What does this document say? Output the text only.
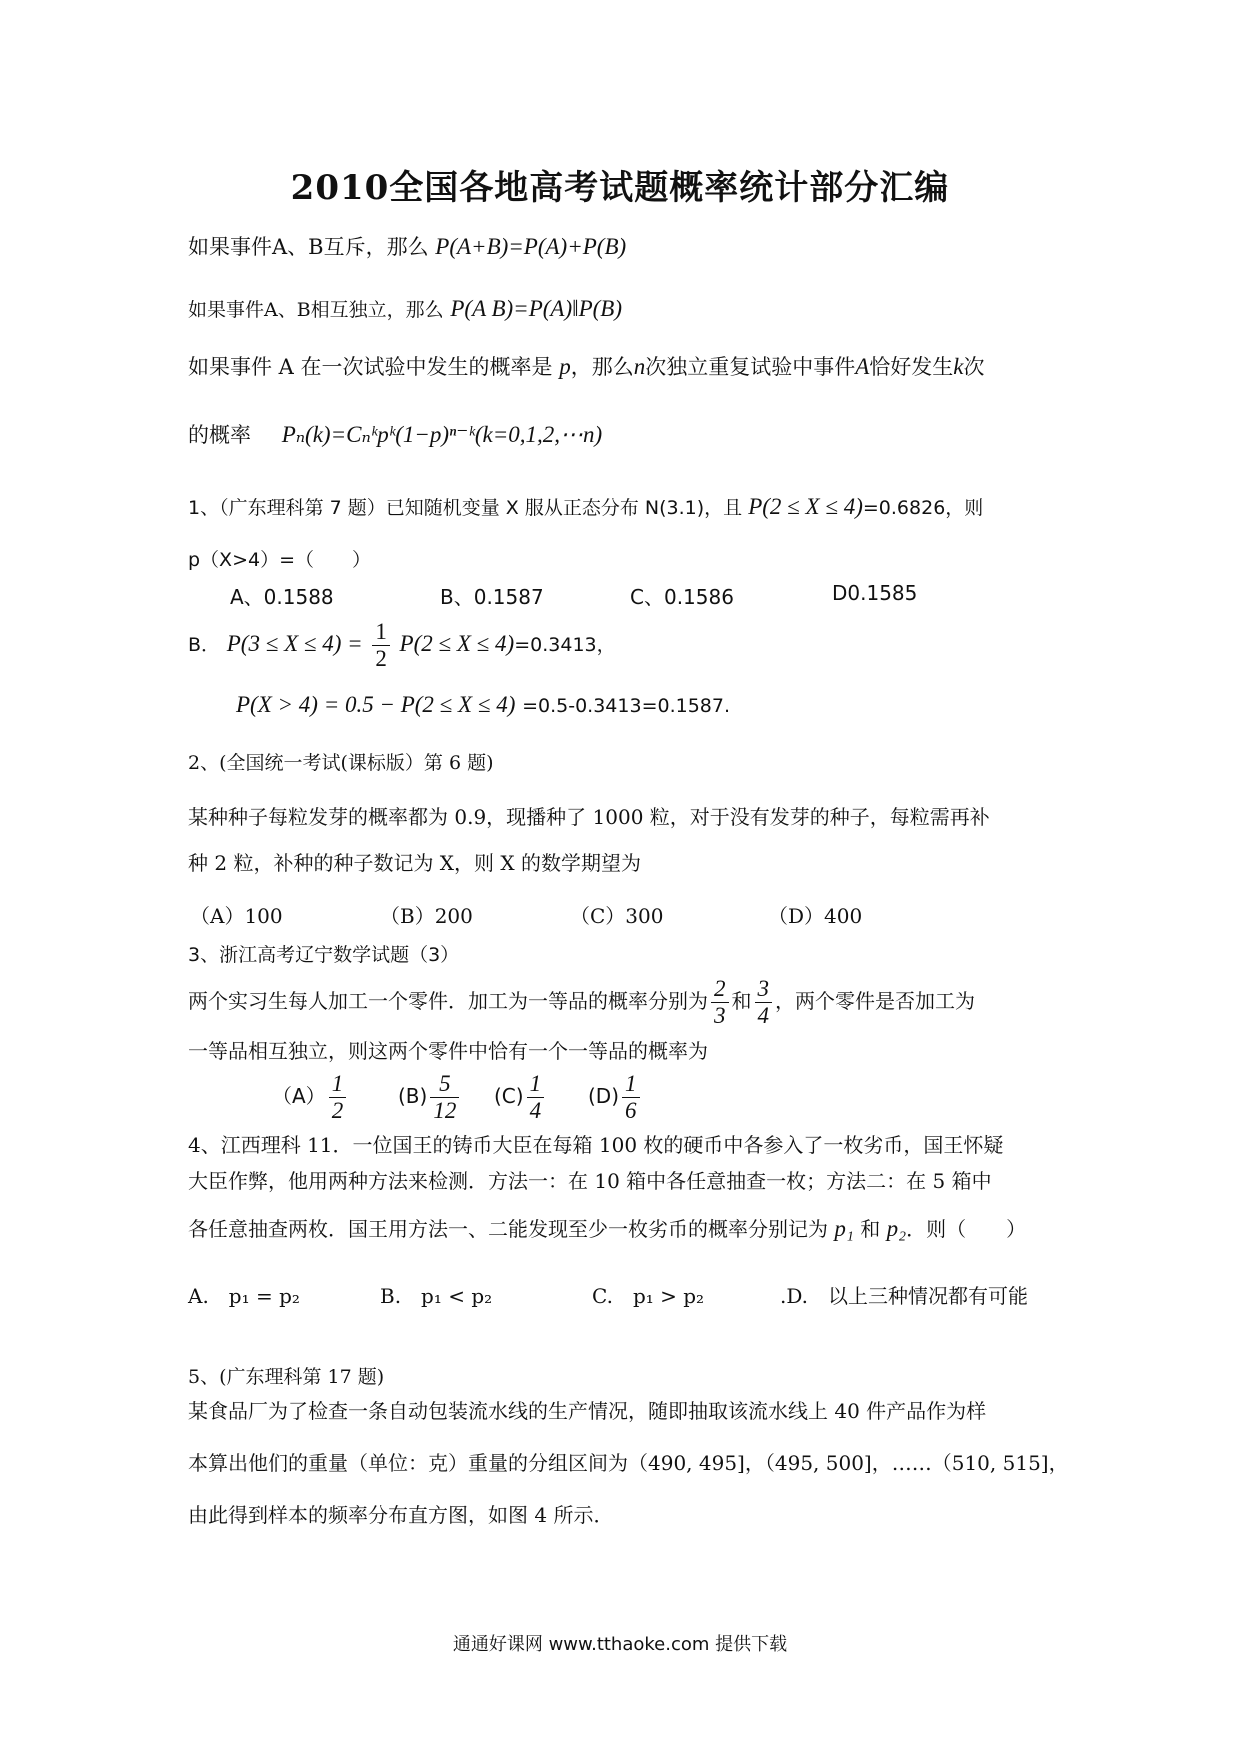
2010全国各地高考试题概率统计部分汇编
如果事件A、B互斥，那么 P(A+B)=P(A)+P(B)
如果事件A、B相互独立，那么 P(A B)=P(A)‖P(B)
如果事件 A 在一次试验中发生的概率是 p，那么n次独立重复试验中事件A恰好发生k次
的概率 Pₙ(k)=Cₙᵏpᵏ(1−p)ⁿ⁻ᵏ(k=0,1,2,⋯n)
1、（广东理科第 7 题）已知随机变量 X 服从正态分布 N(3.1)，且 P(2 ≤ X ≤ 4)=0.6826，则
p（X>4）=（　　）
A、0.1588	B、0.1587	C、0.1586	D0.1585
B． $P(3 \le X \le 4) = \frac{1}{2} P(2 \le X \le 4)=0.3413$，
P(X > 4) = 0.5 − P(2 ≤ X ≤ 4) =0.5-0.3413=0.1587.
2、(全国统一考试(课标版）第 6 题)
某种种子每粒发芽的概率都为 0.9，现播种了 1000 粒，对于没有发芽的种子，每粒需再补
种 2 粒，补种的种子数记为 X，则 X 的数学期望为
（A）100	（B）200	（C）300	（D）400
3、浙江高考辽宁数学试题（3）
两个实习生每人加工一个零件．加工为一等品的概率分别为 $\frac{2}{3}$ 和 $\frac{3}{4}$ ，两个零件是否加工为
一等品相互独立，则这两个零件中恰有一个一等品的概率为
$(A) \frac{1}{2}$	$(B) \frac{5}{12} (C) \frac{1}{4} (D) \frac{1}{6}$
4、江西理科 11．一位国王的铸币大臣在每箱 100 枚的硬币中各参入了一枚劣币，国王怀疑
大臣作弊，他用两种方法来检测．方法一：在 10 箱中各任意抽查一枚；方法二：在 5 箱中
各任意抽查两枚．国王用方法一、二能发现至少一枚劣币的概率分别记为 p₁ 和 p₂．则（　　）
A.　p₁ = p₂	B.　p₁ < p₂	C.　p₁ > p₂	.D.　以上三种情况都有可能
5、(广东理科第 17 题)
某食品厂为了检查一条自动包装流水线的生产情况，随即抽取该流水线上 40 件产品作为样
本算出他们的重量（单位：克）重量的分组区间为（490, 495]，（495, 500]，……（510, 515]，
由此得到样本的频率分布直方图，如图 4 所示．
通通好课网 www.tthaoke.com 提供下载
